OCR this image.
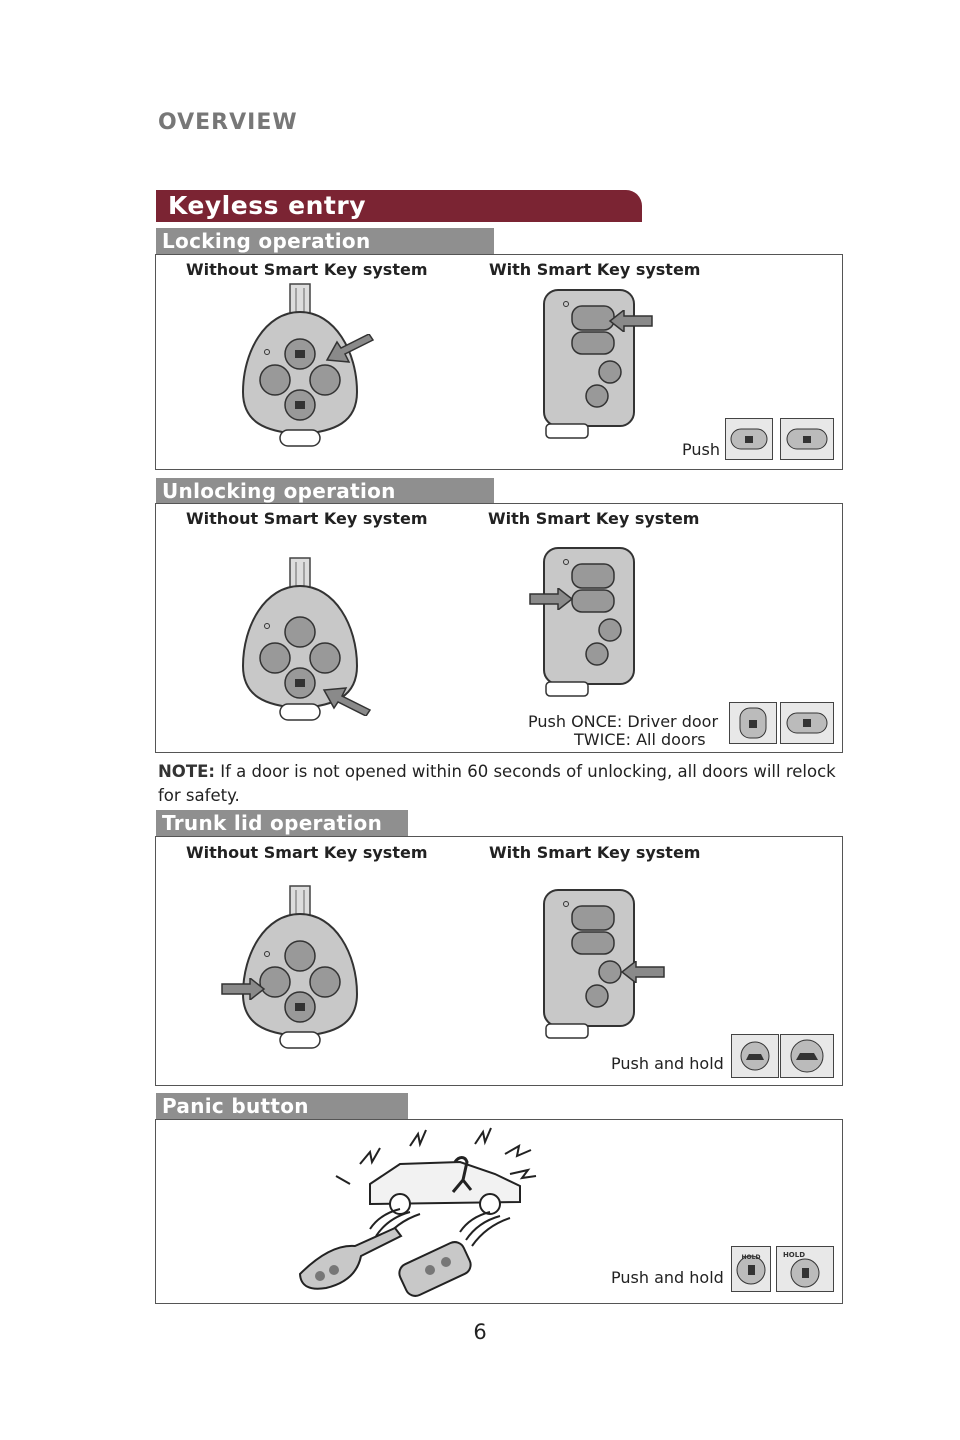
OVERVIEW
Keyless entry
Locking operation
Without Smart Key system	With Smart Key system
Push
Unlocking operation
Without Smart Key system	With Smart Key system
Push ONCE: Driver door
TWICE: All doors
NOTE: If a door is not opened within 60 seconds of unlocking, all doors will relock for safety.
Trunk lid operation
Without Smart Key system	With Smart Key system
Push and hold
Panic button
Push and hold
HOLD	HOLD
6
